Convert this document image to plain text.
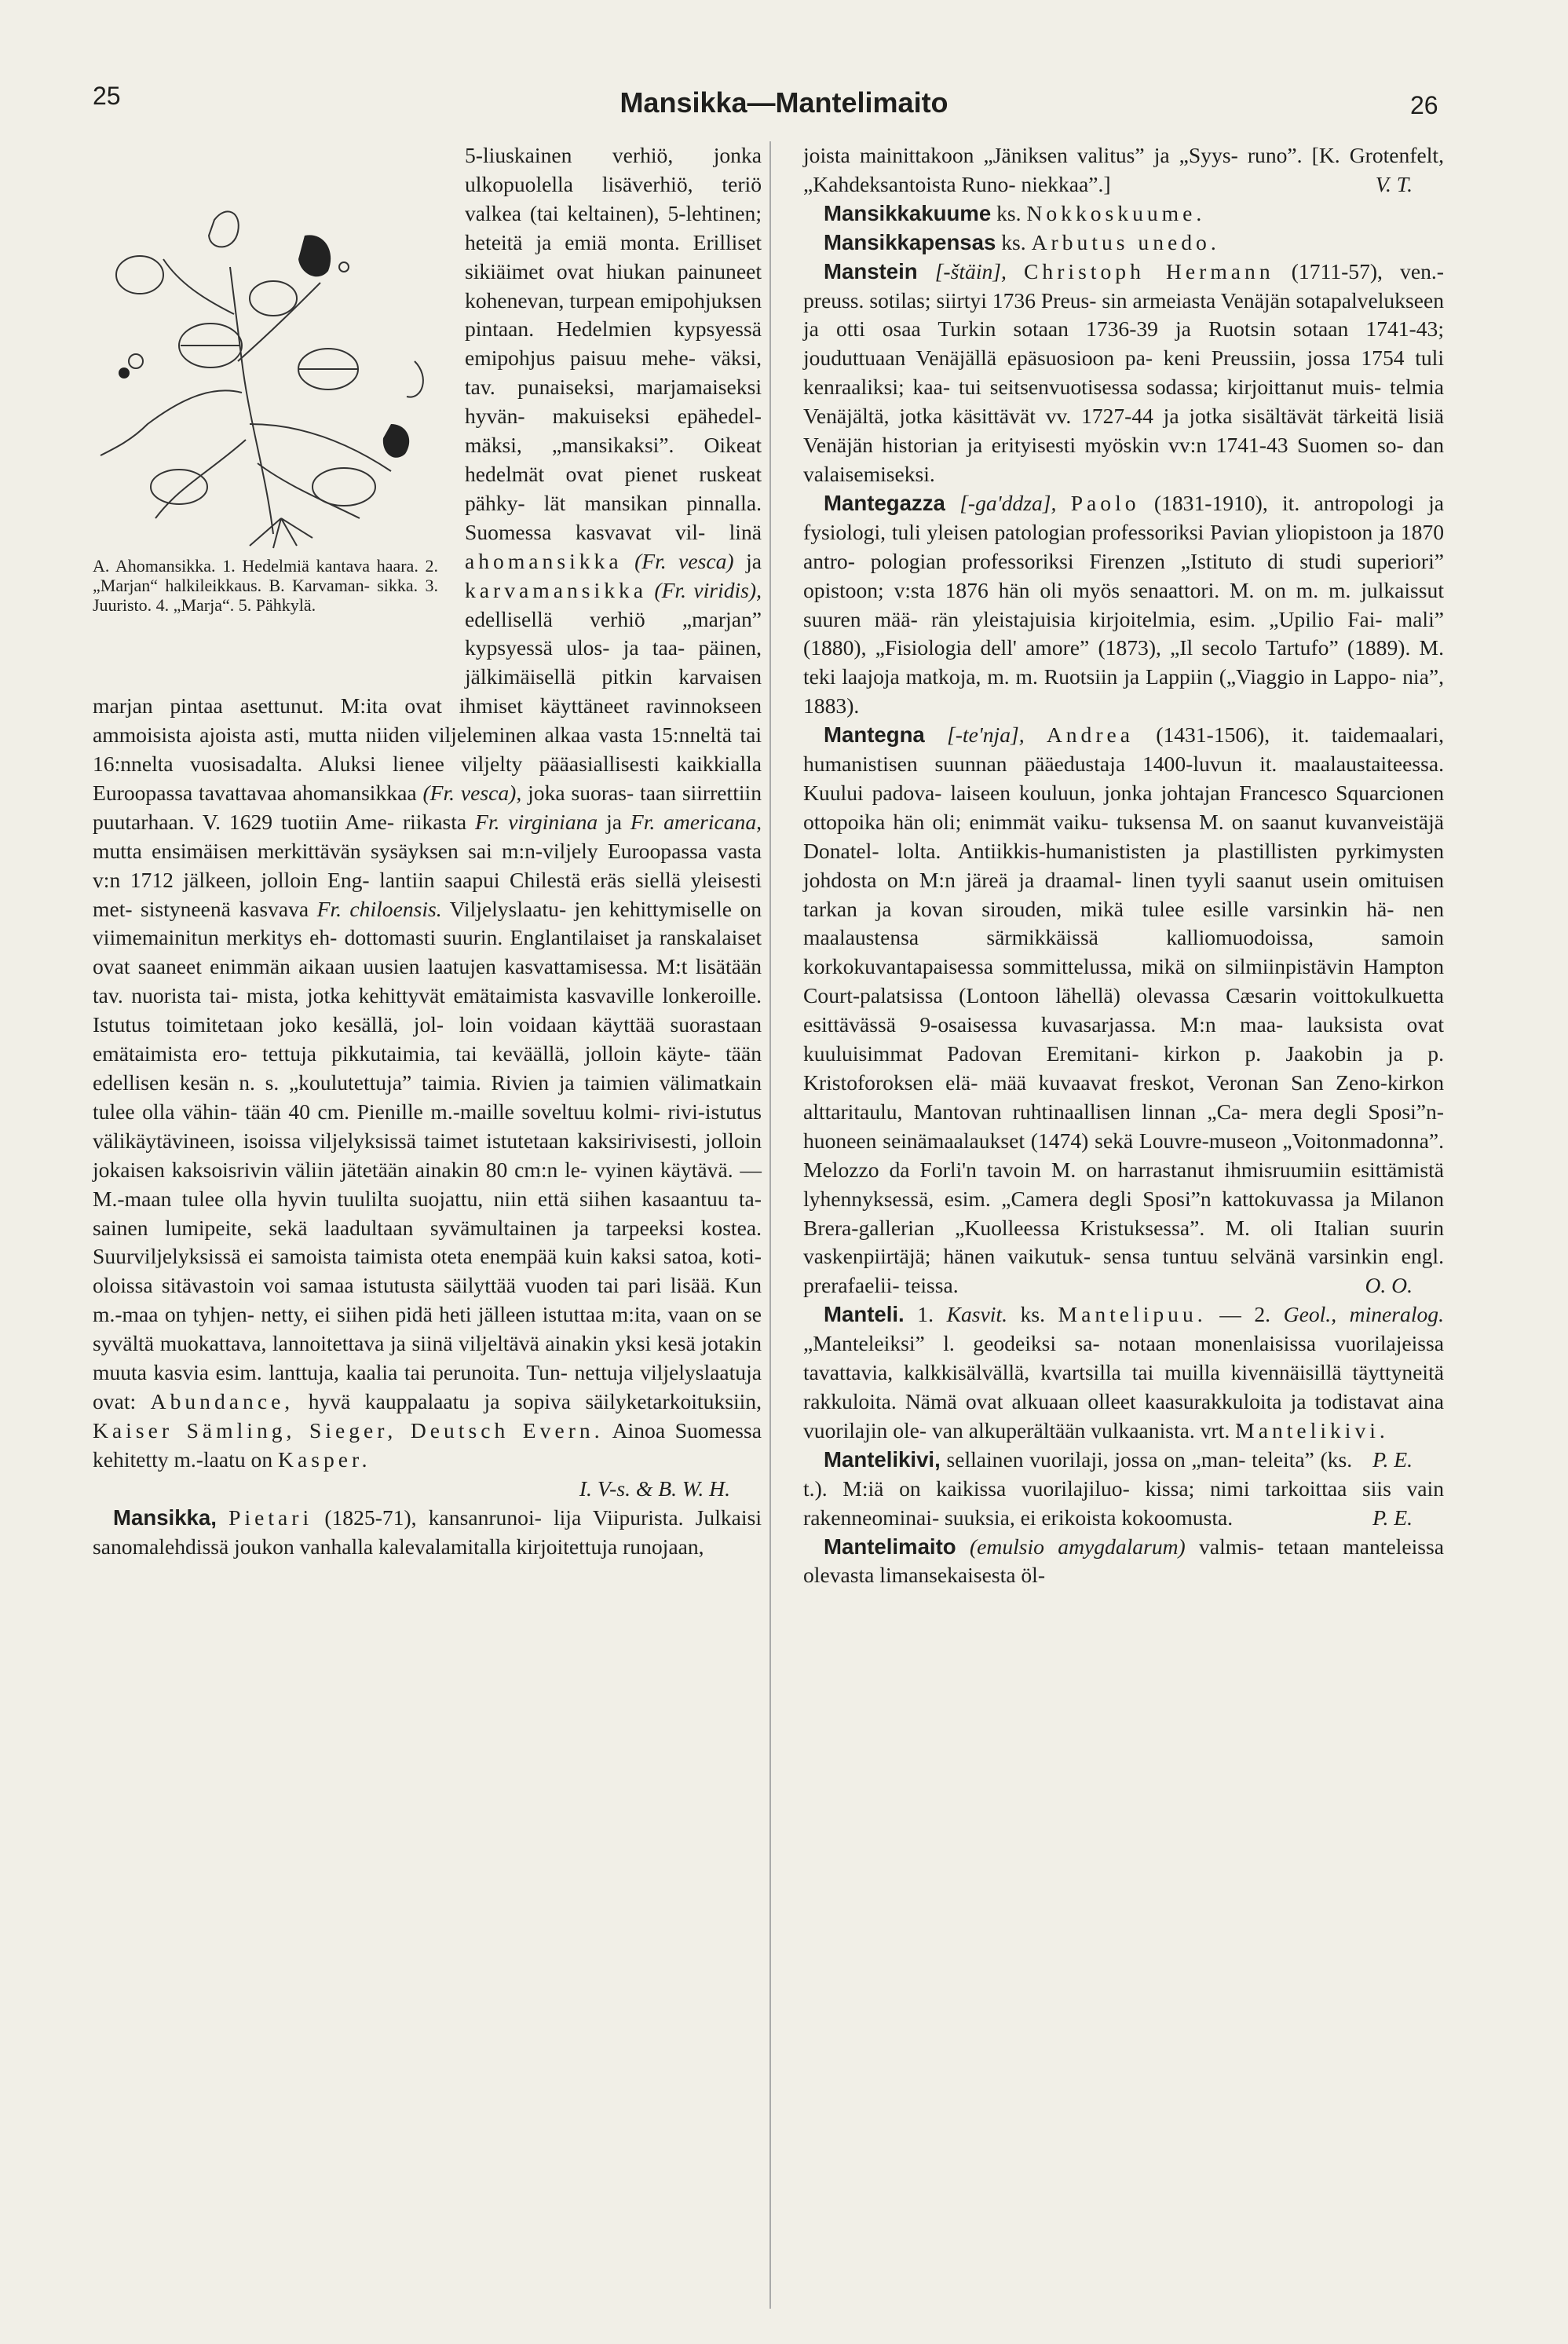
25	Mansikka—Mantelimaito	26
A. Ahomansikka. 1. Hedelmiä kantava haara. 2. „Marjan“ halkileikkaus. B. Karvaman- sikka. 3. Juuristo. 4. „Marja“. 5. Pähkylä.

5-liuskainen verhiö, jonka ulkopuolella lisäverhiö, teriö valkea (tai keltainen), 5-lehtinen; heteitä ja emiä monta. Erilliset sikiäimet ovat hiukan painuneet kohenevan, turpean emipohjuksen pintaan. Hedelmien kypsyessä emipohjus paisuu mehe- väksi, tav. punaiseksi, marjamaiseksi hyvän- makuiseksi epähedel- mäksi, „mansikaksi”. Oikeat hedelmät ovat pienet ruskeat pähky- lät mansikan pinnalla. Suomessa kasvavat vil- linä ahomansikka (Fr. vesca) ja karvamansikka (Fr. viridis), edellisellä verhiö „marjan” kypsyessä ulos- ja taa- päinen, jälkimäisellä pitkin karvaisen marjan pintaa asettunut. M:ita ovat ihmiset käyttäneet ravinnokseen ammoisista ajoista asti, mutta niiden viljeleminen alkaa vasta 15:nneltä tai 16:nnelta vuosisadalta. Aluksi lienee viljelty pääasiallisesti kaikkialla Euroopassa tavattavaa ahomansikkaa (Fr. vesca), joka suoras- taan siirrettiin puutarhaan. V. 1629 tuotiin Ame- riikasta Fr. virginiana ja Fr. americana, mutta ensimäisen merkittävän sysäyksen sai m:n-viljely Euroopassa vasta v:n 1712 jälkeen, jolloin Eng- lantiin saapui Chilestä eräs siellä yleisesti met- sistyneenä kasvava Fr. chiloensis. Viljelyslaatu- jen kehittymiselle on viimemainitun merkitys eh- dottomasti suurin. Englantilaiset ja ranskalaiset ovat saaneet enimmän aikaan uusien laatujen kasvattamisessa. M:t lisätään tav. nuorista tai- mista, jotka kehittyvät emätaimista kasvaville lonkeroille. Istutus toimitetaan joko kesällä, jol- loin voidaan käyttää suorastaan emätaimista ero- tettuja pikkutaimia, tai keväällä, jolloin käyte- tään edellisen kesän n. s. „koulutettuja” taimia. Rivien ja taimien välimatkain tulee olla vähin- tään 40 cm. Pienille m.-maille soveltuu kolmi- rivi-istutus välikäytävineen, isoissa viljelyksissä taimet istutetaan kaksirivisesti, jolloin jokaisen kaksoisrivin väliin jätetään ainakin 80 cm:n le- vyinen käytävä. — M.-maan tulee olla hyvin tuulilta suojattu, niin että siihen kasaantuu ta- sainen lumipeite, sekä laadultaan syvämultainen ja tarpeeksi kostea. Suurviljelyksissä ei samoista taimista oteta enempää kuin kaksi satoa, koti- oloissa sitävastoin voi samaa istutusta säilyttää vuoden tai pari lisää. Kun m.-maa on tyhjen- netty, ei siihen pidä heti jälleen istuttaa m:ita, vaan on se syvältä muokattava, lannoitettava ja siinä viljeltävä ainakin yksi kesä jotakin muuta kasvia esim. lanttuja, kaalia tai perunoita. Tun- nettuja viljelyslaatuja ovat: Abundance, hyvä kauppalaatu ja sopiva säilyketarkoituksiin, Kaiser Sämling, Sieger, Deutsch Evern. Ainoa Suomessa kehitetty m.-laatu on Kasper.

I. V-s. & B. W. H.

Mansikka, Pietari (1825-71), kansanrunoi- lija Viipurista. Julkaisi sanomalehdissä joukon vanhalla kalevalamitalla kirjoitettuja runojaan,

joista mainittakoon „Jäniksen valitus” ja „Syys- runo”. [K. Grotenfelt, „Kahdeksantoista Runo- niekkaa”.]	V. T.

Mansikkakuume ks. Nokkoskuume.

Mansikkapensas ks. Arbutus unedo.

Manstein [-štäin], Christoph Hermann (1711-57), ven.-preuss. sotilas; siirtyi 1736 Preus- sin armeiasta Venäjän sotapalvelukseen ja otti osaa Turkin sotaan 1736-39 ja Ruotsin sotaan 1741-43; jouduttuaan Venäjällä epäsuosioon pa- keni Preussiin, jossa 1754 tuli kenraaliksi; kaa- tui seitsenvuotisessa sodassa; kirjoittanut muis- telmia Venäjältä, jotka käsittävät vv. 1727-44 ja jotka sisältävät tärkeitä lisiä Venäjän historian ja erityisesti myöskin vv:n 1741-43 Suomen so- dan valaisemiseksi.

Mantegazza [-ga'ddza], Paolo (1831-1910), it. antropologi ja fysiologi, tuli yleisen patologian professoriksi Pavian yliopistoon ja 1870 antro- pologian professoriksi Firenzen „Istituto di studi superiori” opistoon; v:sta 1876 hän oli myös senaattori. M. on m. m. julkaissut suuren mää- rän yleistajuisia kirjoitelmia, esim. „Upilio Fai- mali” (1880), „Fisiologia dell' amore” (1873), „Il secolo Tartufo” (1889). M. teki laajoja matkoja, m. m. Ruotsiin ja Lappiin („Viaggio in Lappo- nia”, 1883).

Mantegna [-te'nja], Andrea (1431-1506), it. taidemaalari, humanistisen suunnan pääedustaja 1400-luvun it. maalaustaiteessa. Kuului padova- laiseen kouluun, jonka johtajan Francesco Squarcionen ottopoika hän oli; enimmät vaiku- tuksensa M. on saanut kuvanveistäjä Donatel- lolta. Antiikkis-humanististen ja plastillisten pyrkimysten johdosta on M:n järeä ja draamal- linen tyyli saanut usein omituisen tarkan ja kovan sirouden, mikä tulee esille varsinkin hä- nen maalaustensa särmikkäissä kalliomuodoissa, samoin korkokuvantapaisessa sommittelussa, mikä on silmiinpistävin Hampton Court-palatsissa (Lontoon lähellä) olevassa Cæsarin voittokulkuetta esittävässä 9-osaisessa kuvasarjassa. M:n maa- lauksista ovat kuuluisimmat Padovan Eremitani- kirkon p. Jaakobin ja p. Kristoforoksen elä- mää kuvaavat freskot, Veronan San Zeno-kirkon alttaritaulu, Mantovan ruhtinaallisen linnan „Ca- mera degli Sposi”n-huoneen seinämaalaukset (1474) sekä Louvre-museon „Voitonmadonna”. Melozzo da Forli'n tavoin M. on harrastanut ihmisruumiin esittämistä lyhennyksessä, esim. „Camera degli Sposi”n kattokuvassa ja Milanon Brera-gallerian „Kuolleessa Kristuksessa”. M. oli Italian suurin vaskenpiirtäjä; hänen vaikutuk- sensa tuntuu selvänä varsinkin engl. prerafaelii- teissa.	O. O.

Manteli. 1. Kasvit. ks. Mantelipuu. — 2. Geol., mineralog. „Manteleiksi” l. geodeiksi sa- notaan monenlaisissa vuorilajeissa tavattavia, kalkkisälvällä, kvartsilla tai muilla kivennäisillä täyttyneitä rakkuloita. Nämä ovat alkuaan olleet kaasurakkuloita ja todistavat aina vuorilajin ole- van alkuperältään vulkaanista. vrt. Mantelikivi.
P. E.

Mantelikivi, sellainen vuorilaji, jossa on „man- teleita” (ks. t.). M:iä on kaikissa vuorilajiluo- kissa; nimi tarkoittaa siis vain rakenneominai- suuksia, ei erikoista kokoomusta.	P. E.

Mantelimaito (emulsio amygdalarum) valmis- tetaan manteleissa olevasta limansekaisesta öl-
